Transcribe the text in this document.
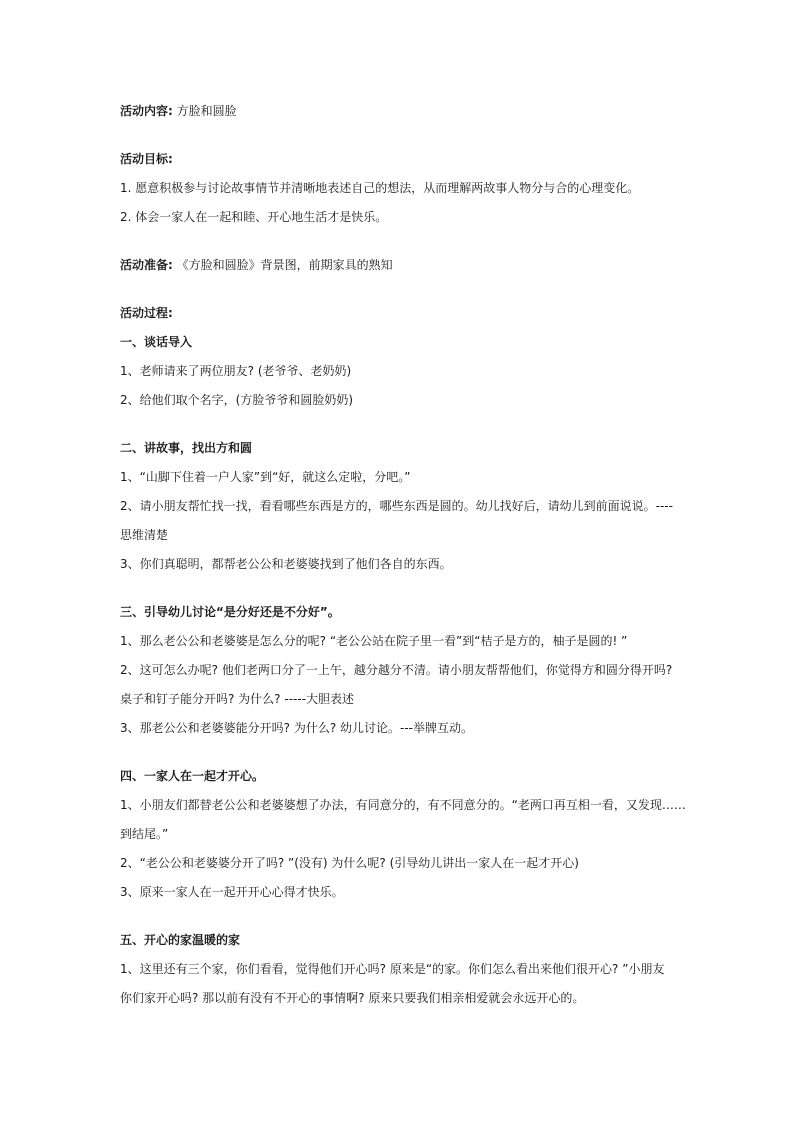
活动内容: 方脸和圆脸
活动目标:
1. 愿意积极参与讨论故事情节并清晰地表述自己的想法，从而理解两故事人物分与合的心理变化。
2. 体会一家人在一起和睦、开心地生活才是快乐。
活动准备: 《方脸和圆脸》背景图，前期家具的熟知
活动过程:
一、谈话导入
1、老师请来了两位朋友? (老爷爷、老奶奶)
2、给他们取个名字，(方脸爷爷和圆脸奶奶)
二、讲故事，找出方和圆
1、“山脚下住着一户人家”到“好，就这么定啦，分吧。”
2、请小朋友帮忙找一找，看看哪些东西是方的，哪些东西是圆的。幼儿找好后，请幼儿到前面说说。----
思维清楚
3、你们真聪明，都帮老公公和老婆婆找到了他们各自的东西。
三、引导幼儿讨论“是分好还是不分好”。
1、那么老公公和老婆婆是怎么分的呢? “老公公站在院子里一看”到“桔子是方的，柚子是圆的! ”
2、这可怎么办呢? 他们老两口分了一上午，越分越分不清。请小朋友帮帮他们，你觉得方和圆分得开吗?
桌子和钉子能分开吗? 为什么? -----大胆表述
3、那老公公和老婆婆能分开吗? 为什么? 幼儿讨论。---举牌互动。
四、一家人在一起才开心。
1、小朋友们都替老公公和老婆婆想了办法，有同意分的，有不同意分的。“老两口再互相一看，又发现……
到结尾。”
2、“老公公和老婆婆分开了吗? ”(没有) 为什么呢? (引导幼儿讲出一家人在一起才开心)
3、原来一家人在一起开开心心得才快乐。
五、开心的家温暖的家
1、这里还有三个家，你们看看，觉得他们开心吗? 原来是“的家。你们怎么看出来他们很开心? ”小朋友
你们家开心吗? 那以前有没有不开心的事情啊? 原来只要我们相亲相爱就会永远开心的。
